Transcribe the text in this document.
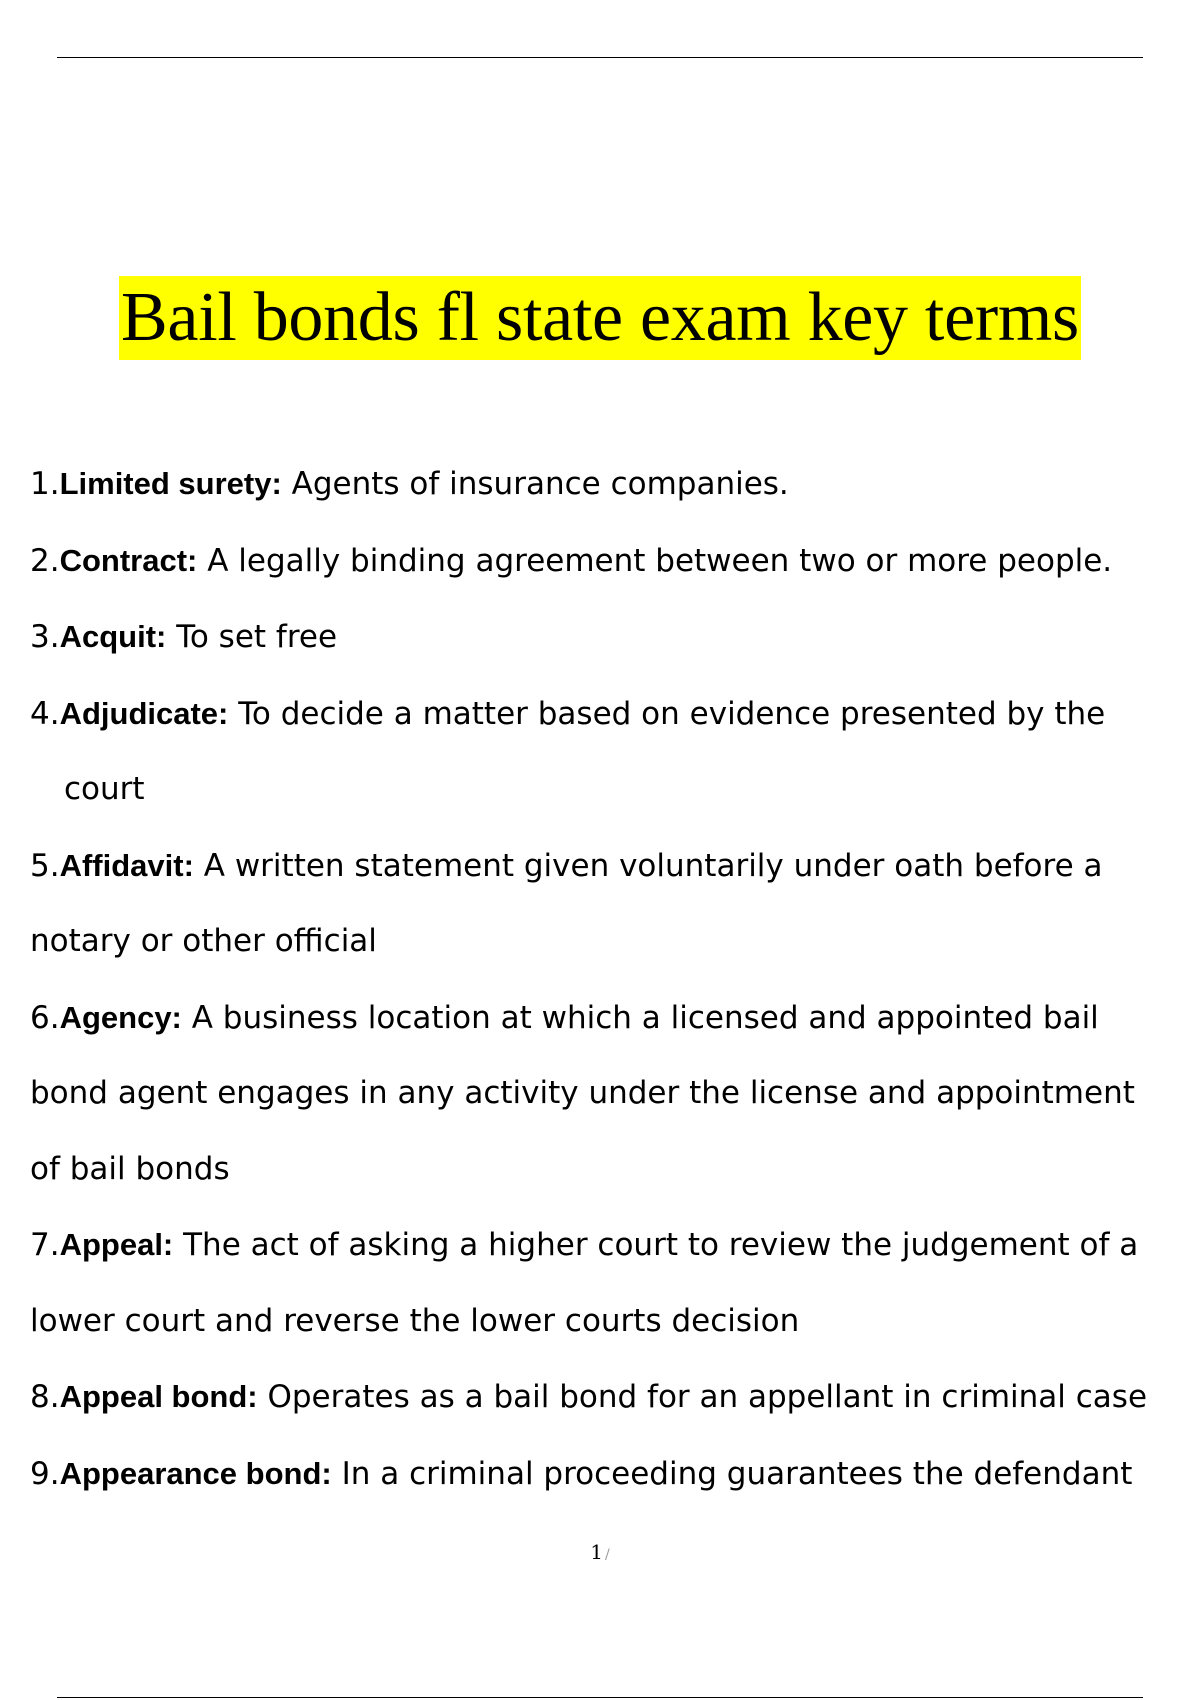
Bail bonds fl state exam key terms
1.Limited surety: Agents of insurance companies.
2.Contract: A legally binding agreement between two or more people.
3.Acquit: To set free
4.Adjudicate: To decide a matter based on evidence presented by the
court
5.Affidavit: A written statement given voluntarily under oath before a
notary or other official
6.Agency: A business location at which a licensed and appointed bail
bond agent engages in any activity under the license and appointment
of bail bonds
7.Appeal: The act of asking a higher court to review the judgement of a
lower court and reverse the lower courts decision
8.Appeal bond: Operates as a bail bond for an appellant in criminal case
9.Appearance bond: In a criminal proceeding guarantees the defendant
1 /
